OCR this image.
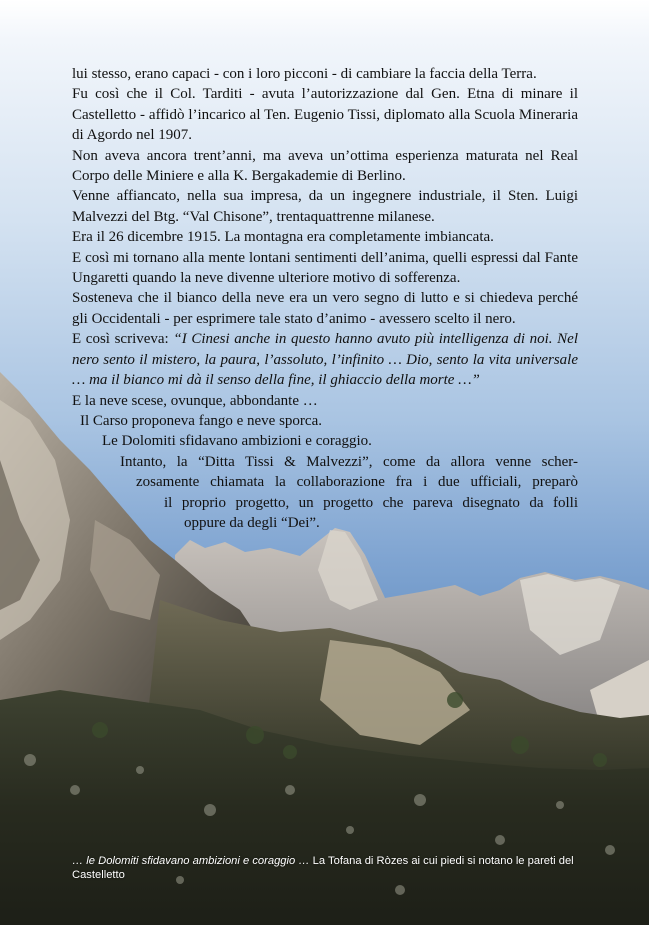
lui stesso, erano capaci - con i loro picconi - di cambiare la faccia della Terra.

Fu così che il Col. Tarditi - avuta l’autorizzazione dal Gen. Etna di minare il Castelletto - affidò l’incarico al Ten. Eugenio Tissi, diplomato alla Scuola Mineraria di Agordo nel 1907.

Non aveva ancora trent’anni, ma aveva un’ottima esperienza maturata nel Real Corpo delle Miniere e alla K. Bergakademie di Berlino.

Venne affiancato, nella sua impresa, da un ingegnere industriale, il Sten. Luigi Malvezzi del Btg. “Val Chisone”, trentaquattrenne milanese.

Era il 26 dicembre 1915. La montagna era completamente imbiancata.

E così mi tornano alla mente lontani sentimenti dell’anima, quelli espressi dal Fante Ungaretti quando la neve divenne ulteriore motivo di sofferenza.

Sosteneva che il bianco della neve era un vero segno di lutto e si chiedeva perché gli Occidentali - per esprimere tale stato d’animo - avessero scelto il nero.

E così scriveva: “I Cinesi anche in questo hanno avuto più intelligenza di noi. Nel nero sento il mistero, la paura, l’assoluto, l’infinito … Dio, sento la vita universale … ma il bianco mi dà il senso della fine, il ghiaccio della morte …”

E la neve scese, ovunque, abbondante …

Il Carso proponeva fango e neve sporca.

Le Dolomiti sfidavano ambizioni e coraggio.

Intanto, la “Ditta Tissi & Malvezzi”, come da allora venne scher-

zosamente chiamata la collaborazione fra i due ufficiali, preparò

il proprio progetto, un progetto che pareva disegnato da folli

oppure da degli “Dei”.

… le Dolomiti sfidavano ambizioni e coraggio … La Tofana di Ròzes ai cui piedi si notano le pareti del Castelletto
